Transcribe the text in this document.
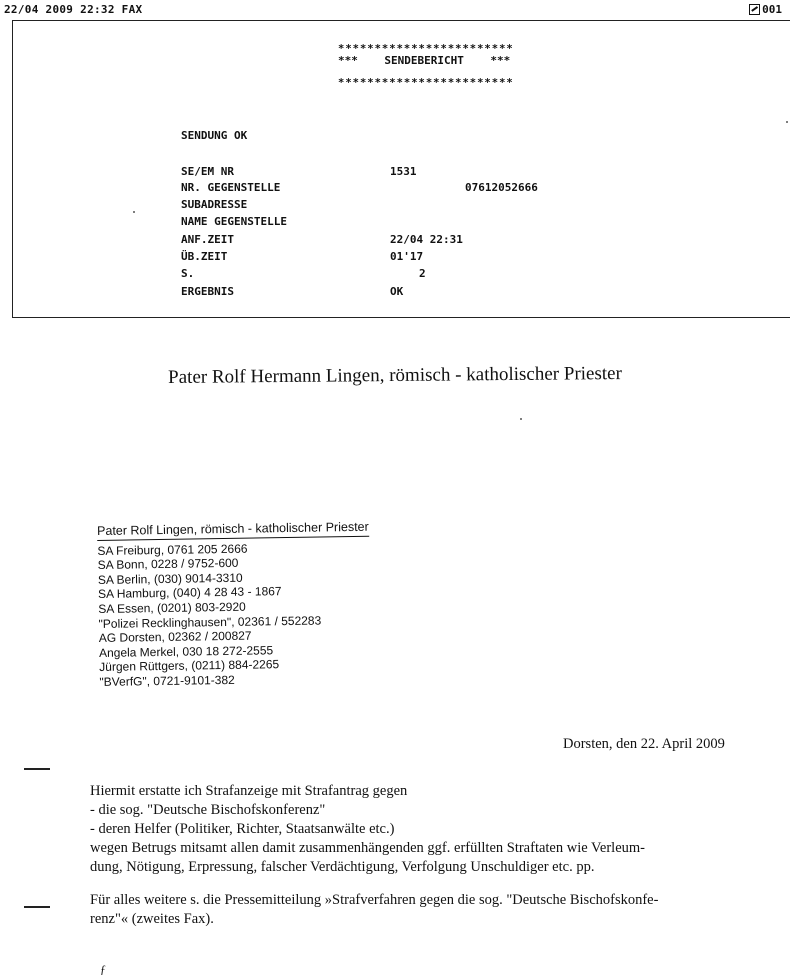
22/04 2009 22:32 FAX	001
************************
***    SENDEBERICHT    ***
************************
SENDUNG OK
SE/EM NR	1531
NR. GEGENSTELLE	07612052666
SUBADRESSE
NAME GEGENSTELLE
ANF.ZEIT	22/04 22:31
ÜB.ZEIT	01'17
S.	2
ERGEBNIS	OK
Pater Rolf Hermann Lingen, römisch - katholischer Priester
Pater Rolf Lingen, römisch - katholischer Priester
SA Freiburg, 0761 205 2666
SA Bonn, 0228 / 9752-600
SA Berlin, (030) 9014-3310
SA Hamburg, (040) 4 28 43 - 1867
SA Essen, (0201) 803-2920
"Polizei Recklinghausen", 02361 / 552283
AG Dorsten, 02362 / 200827
Angela Merkel, 030 18 272-2555
Jürgen Rüttgers, (0211) 884-2265
"BVerfG", 0721-9101-382
Dorsten, den 22. April 2009

Hiermit erstatte ich Strafanzeige mit Strafantrag gegen

- die sog. "Deutsche Bischofskonferenz"

- deren Helfer (Politiker, Richter, Staatsanwälte etc.)

wegen Betrugs mitsamt allen damit zusammenhängenden ggf. erfüllten Straftaten wie Verleum-

dung, Nötigung, Erpressung, falscher Verdächtigung, Verfolgung Unschuldiger etc. pp.

Für alles weitere s. die Pressemitteilung »Strafverfahren gegen die sog. "Deutsche Bischofskonfe-

renz"« (zweites Fax).

ƒ
